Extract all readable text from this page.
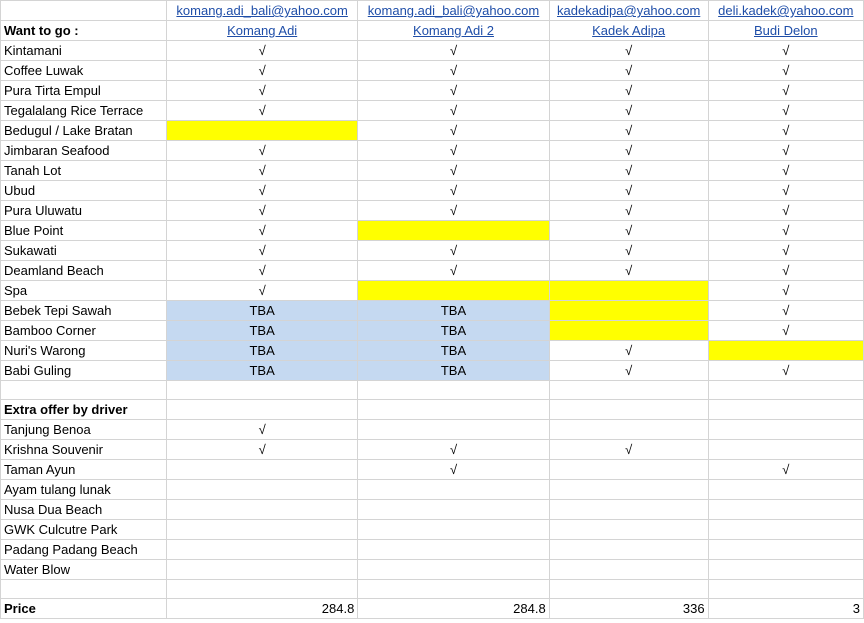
	komang.adi_bali@yahoo.com	komang.adi_bali@yahoo.com	kadekadipa@yahoo.com	deli.kadek@yahoo.com
Want to go :	Komang Adi	Komang Adi 2	Kadek Adipa	Budi Delon
Kintamani	√	√	√	√
Coffee Luwak	√	√	√	√
Pura Tirta Empul	√	√	√	√
Tegalalang Rice Terrace	√	√	√	√
Bedugul / Lake Bratan		√	√	√
Jimbaran Seafood	√	√	√	√
Tanah Lot	√	√	√	√
Ubud	√	√	√	√
Pura Uluwatu	√	√	√	√
Blue Point	√		√	√
Sukawati	√	√	√	√
Deamland Beach	√	√	√	√
Spa	√			√
Bebek Tepi Sawah	TBA	TBA		√
Bamboo Corner	TBA	TBA		√
Nuri's Warong	TBA	TBA	√	
Babi Guling	TBA	TBA	√	√

Extra offer by driver				
Tanjung Benoa	√			
Krishna Souvenir	√	√	√	
Taman Ayun		√		√
Ayam tulang lunak				
Nusa Dua Beach				
GWK Culcutre Park				
Padang Padang Beach				
Water Blow				

Price	284.8	284.8	336	3
